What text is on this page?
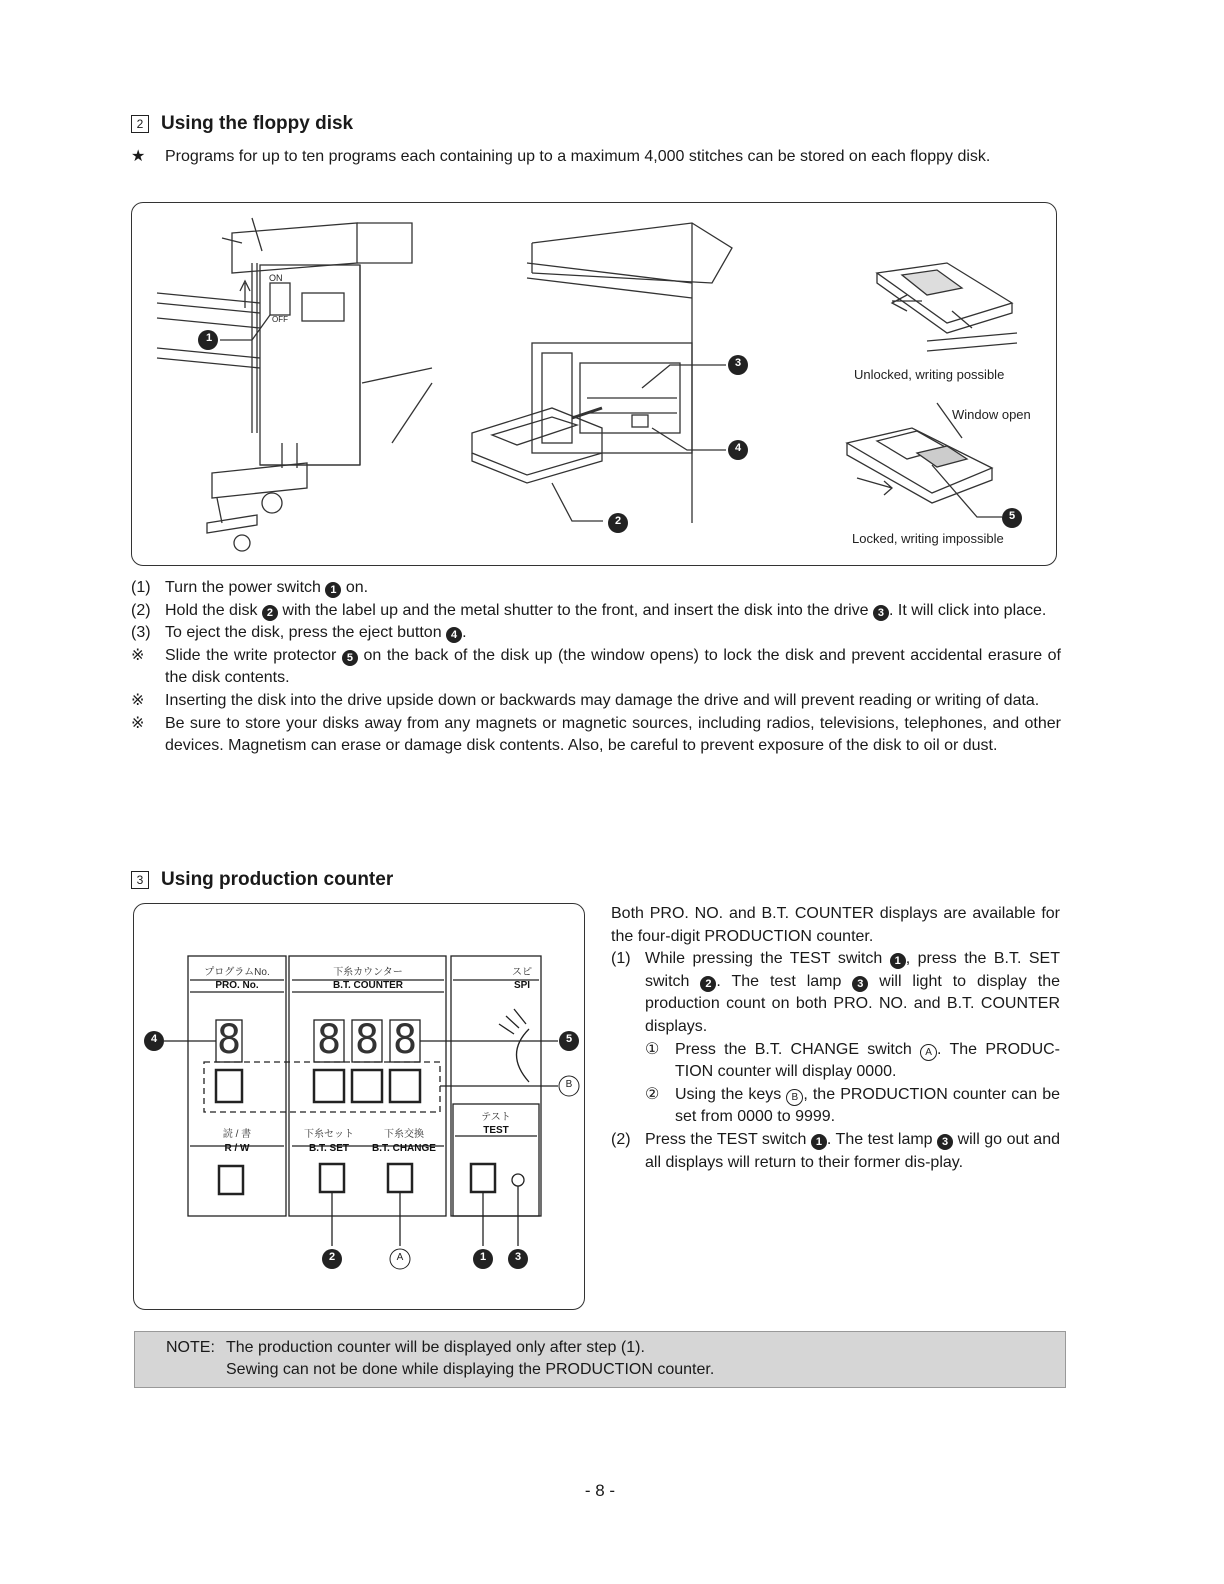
2 Using the floppy disk
★	Programs for up to ten programs each containing up to a maximum 4,000 stitches can be stored on each floppy disk.
ON
OFF
1
2
3
4
5
Unlocked, writing possible
Window open
Locked, writing impossible
(1) Turn the power switch 1 on.
(2) Hold the disk 2 with the label up and the metal shutter to the front, and insert the disk into the drive 3 . It will click into place.
(3) To eject the disk, press the eject button 4 .
※	Slide the write protector 5 on the back of the disk up (the window opens) to lock the disk and prevent accidental erasure of the disk contents.
※	Inserting the disk into the drive upside down or backwards may damage the drive and will prevent reading or writing of data.
※	Be sure to store your disks away from any magnets or magnetic sources, including radios, televisions, telephones, and other devices. Magnetism can erase or damage disk contents. Also, be careful to prevent exposure of the disk to oil or dust.
3 Using production counter
プログラムNo.
PRO. No.
下糸カウンター
B.T. COUNTER
スピ
SPI
8 8 8 8
読 / 書
R / W
下糸セット
B.T. SET
下糸交換
B.T. CHANGE
テスト
TEST
4	5
B
2	A	1	3
Both PRO. NO. and B.T. COUNTER displays are available for the four-digit PRODUCTION counter.
(1) While pressing the TEST switch 1 , press the B.T. SET switch 2 . The test lamp 3 will light to display the production count on both PRO. NO. and B.T. COUNTER displays.
① Press the B.T. CHANGE switch A . The PRODUC-TION counter will display 0000.
② Using the keys B , the PRODUCTION counter can be set from 0000 to 9999.
(2) Press the TEST switch 1 . The test lamp 3 will go out and all displays will return to their former dis-play.
NOTE: The production counter will be displayed only after step (1).
Sewing can not be done while displaying the PRODUCTION counter.
- 8 -
